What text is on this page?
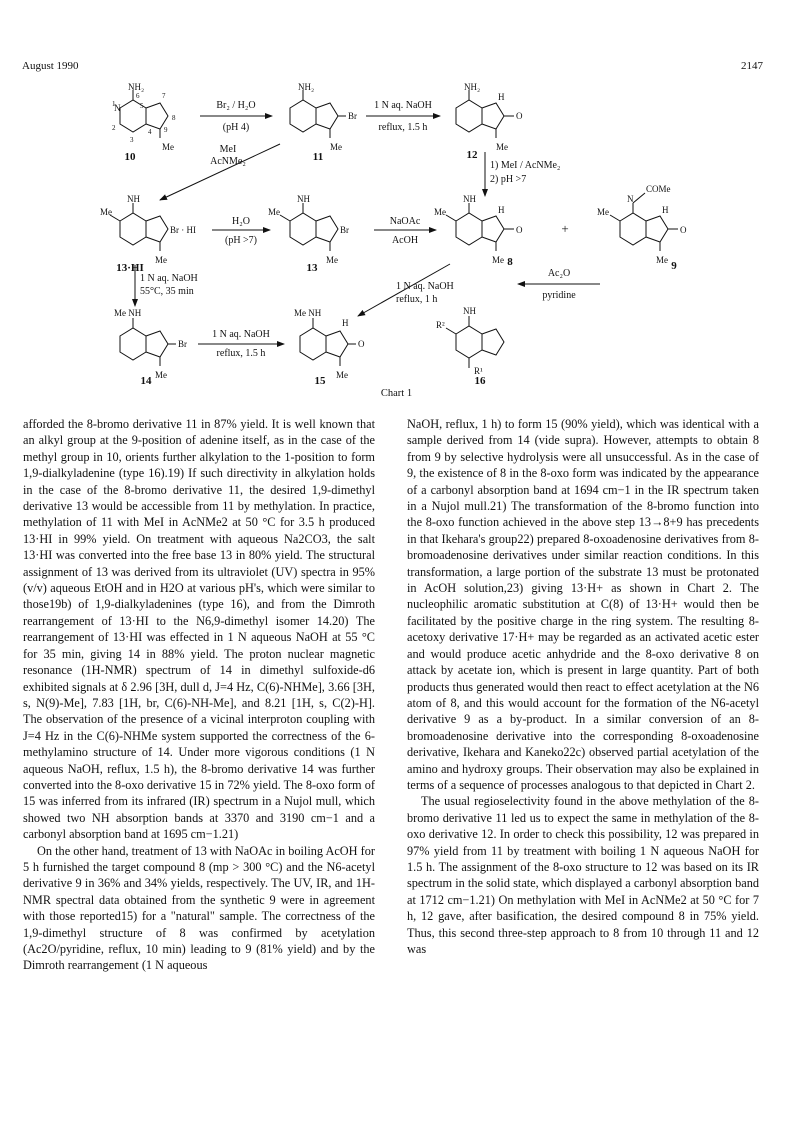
August 1990	2147
NH₂
N
Me
1
2
3
4
5
6	7
8
9
NH₂
Br
Me
NH₂
H
O
Me
NH
Me
Br · HI
Me
NH
Me
Br
Me
NH
Me	H
O
Me
N
COMe
Me	H
O
Me
Me NH
Br
Me
Me NH
H
O
Me
NH
R²
R¹
Br₂ / H₂O
(pH 4)
1 N aq. NaOH
reflux, 1.5 h
MeI
AcNMe₂
H₂O
(pH >7)
NaOAc
AcOH
1 N aq. NaOH
reflux, 1.5 h
Ac₂O
pyridine
+
1) MeI / AcNMe₂
2) pH >7
1 N aq. NaOH
55°C, 35 min	1 N aq. NaOH
reflux, 1 h
10	11	12
13·HI	13	8	9
14	15	16
Chart 1

afforded the 8-bromo derivative 11 in 87% yield. It is well known that an alkyl group at the 9-position of adenine itself, as in the case of the methyl group in 10, orients further alkylation to the 1-position to form 1,9-dialkyladenine (type 16).19) If such directivity in alkylation holds in the case of the 8-bromo derivative 11, the desired 1,9-dimethyl derivative 13 would be accessible from 11 by methylation. In practice, methylation of 11 with MeI in AcNMe2 at 50 °C for 3.5 h produced 13·HI in 99% yield. On treatment with aqueous Na2CO3, the salt 13·HI was converted into the free base 13 in 80% yield. The structural assignment of 13 was derived from its ultraviolet (UV) spectra in 95% (v/v) aqueous EtOH and in H2O at various pH's, which were similar to those19b) of 1,9-dialkyladenines (type 16), and from the Dimroth rearrangement of 13·HI to the N6,9-dimethyl isomer 14.20) The rearrangement of 13·HI was effected in 1 N aqueous NaOH at 55 °C for 35 min, giving 14 in 88% yield. The proton nuclear magnetic resonance (1H-NMR) spectrum of 14 in dimethyl sulfoxide-d6 exhibited signals at δ 2.96 [3H, dull d, J=4 Hz, C(6)-NHMe], 3.66 [3H, s, N(9)-Me], 7.83 [1H, br, C(6)-NH-Me], and 8.21 [1H, s, C(2)-H]. The observation of the presence of a vicinal interproton coupling with J=4 Hz in the C(6)-NHMe system supported the correctness of the 6-methylamino structure of 14. Under more vigorous conditions (1 N aqueous NaOH, reflux, 1.5 h), the 8-bromo derivative 14 was further converted into the 8-oxo derivative 15 in 72% yield. The 8-oxo form of 15 was inferred from its infrared (IR) spectrum in a Nujol mull, which showed two NH absorption bands at 3370 and 3190 cm−1 and a carbonyl absorption band at 1695 cm−1.21)

On the other hand, treatment of 13 with NaOAc in boiling AcOH for 5 h furnished the target compound 8 (mp > 300 °C) and the N6-acetyl derivative 9 in 36% and 34% yields, respectively. The UV, IR, and 1H-NMR spectral data obtained from the synthetic 9 were in agreement with those reported15) for a "natural" sample. The correctness of the 1,9-dimethyl structure of 8 was confirmed by acetylation (Ac2O/pyridine, reflux, 10 min) leading to 9 (81% yield) and by the Dimroth rearrangement (1 N aqueous

NaOH, reflux, 1 h) to form 15 (90% yield), which was identical with a sample derived from 14 (vide supra). However, attempts to obtain 8 from 9 by selective hydrolysis were all unsuccessful. As in the case of 9, the existence of 8 in the 8-oxo form was indicated by the appearance of a carbonyl absorption band at 1694 cm−1 in the IR spectrum taken in a Nujol mull.21) The transformation of the 8-bromo function into the 8-oxo function achieved in the above step 13→8+9 has precedents in that Ikehara's group22) prepared 8-oxoadenosine derivatives from 8-bromoadenosine derivatives under similar reaction conditions. In this transformation, a large portion of the substrate 13 must be protonated in AcOH solution,23) giving 13·H+ as shown in Chart 2. The nucleophilic aromatic substitution at C(8) of 13·H+ would then be facilitated by the positive charge in the ring system. The resulting 8-acetoxy derivative 17·H+ may be regarded as an activated acetic ester and would produce acetic anhydride and the 8-oxo derivative 8 on attack by acetate ion, which is present in large quantity. Part of both products thus generated would then react to effect acetylation at the N6 atom of 8, and this would account for the formation of the N6-acetyl derivative 9 as a by-product. In a similar conversion of an 8-bromoadenosine derivative into the corresponding 8-oxoadenosine derivative, Ikehara and Kaneko22c) observed partial acetylation of the amino and hydroxy groups. Their observation may also be explained in terms of a sequence of processes analogous to that depicted in Chart 2.

The usual regioselectivity found in the above methylation of the 8-bromo derivative 11 led us to expect the same in methylation of the 8-oxo derivative 12. In order to check this possibility, 12 was prepared in 97% yield from 11 by treatment with boiling 1 N aqueous NaOH for 1.5 h. The assignment of the 8-oxo structure to 12 was based on its IR spectrum in the solid state, which displayed a carbonyl absorption band at 1712 cm−1.21) On methylation with MeI in AcNMe2 at 50 °C for 7 h, 12 gave, after basification, the desired compound 8 in 75% yield. Thus, this second three-step approach to 8 from 10 through 11 and 12 was
